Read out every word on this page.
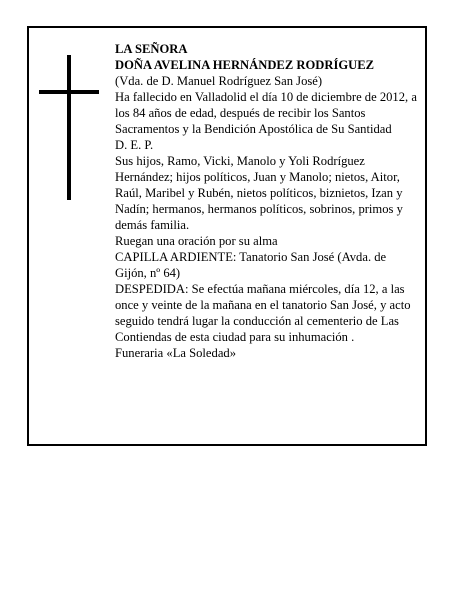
LA SEÑORA

DOÑA AVELINA HERNÁNDEZ RODRÍGUEZ

(Vda. de D. Manuel Rodríguez San José)

Ha fallecido en Valladolid el día 10 de diciembre de 2012, a los 84 años de edad, después de recibir los Santos Sacramentos y la Bendición Apostólica de Su Santidad

D. E. P.

Sus hijos, Ramo, Vicki, Manolo y Yoli Rodríguez Hernández; hijos políticos, Juan y Manolo; nietos, Aitor, Raúl, Maribel y Rubén, nietos políticos, biznietos, Izan y Nadín; hermanos, hermanos políticos, sobrinos, primos y demás familia.

Ruegan una oración por su alma

CAPILLA ARDIENTE: Tanatorio San José (Avda. de Gijón, nº 64)

DESPEDIDA: Se efectúa mañana miércoles, día 12, a las once y veinte de la mañana en el tanatorio San José, y acto seguido tendrá lugar la conducción al cementerio de Las Contiendas de esta ciudad para su inhumación .

Funeraria «La Soledad»
